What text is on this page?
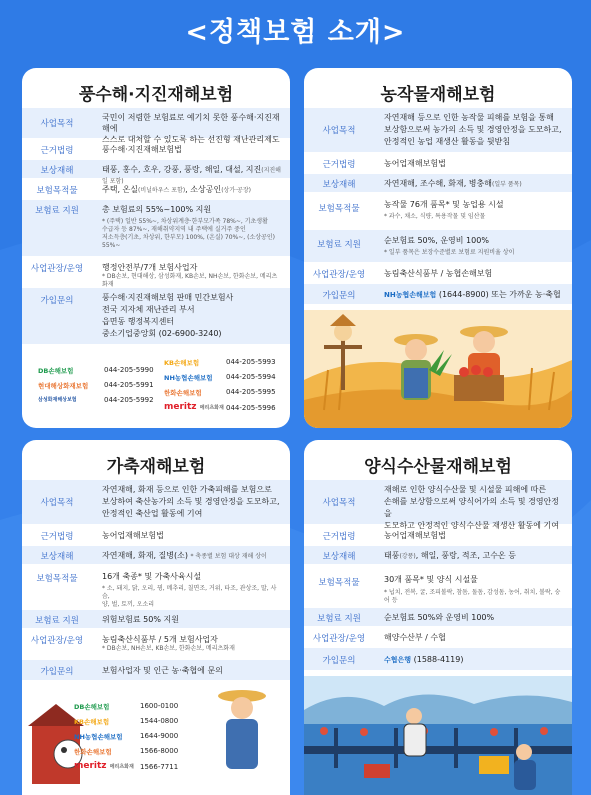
<정책보험 소개>
풍수해·지진재해보험
사업목적
국민이 저렴한 보험료로 예기치 못한 풍수해·지진재해에
스스로 대처할 수 있도록 하는 선진형 재난관리제도
근거법령	풍수해·지진재해보험법
보상재해	태풍, 홍수, 호우, 강풍, 풍랑, 해일, 대설, 지진(지진해일 포함)
보험목적물	주택, 온실(비닐하우스 포함), 소상공인(상가·공장)
보험료 지원	총 보험료의 55%~100% 지원
* (주택) 일반 55%~, 차상위계층·한부모가족 78%~, 기초생활
수급자 등 87%~, 재해취약지역 내 주택에 실거주 중인
저소득층(기초, 차상위, 한부모) 100%, (온실) 70%~, (소상공인) 55%~
사업관장/운영	행정안전부/7개 보험사업자
* DB손보, 현대해상, 삼성화재, KB손보, NH손보, 한화손보, 메리츠화재
가입문의	풍수해·지진재해보험 판매 민간보험사
전국 지자체 재난관리 부서
읍면동 행정복지센터
중소기업중앙회 (02-6900-3240)
DB손해보험	044-205-5990
현대해상화재보험 044-205-5991
삼성화재해상보험	044-205-5992
KB손해보험	044-205-5993
NH농협손해보험 044-205-5994
한화손해보험	044-205-5995
meritz 메리츠화재 044-205-5996
농작물재해보험
사업목적
자연재해 등으로 인한 농작물 피해를 보험을 통해
보상함으로써 농가의 소득 및 경영안정을 도모하고,
안정적인 농업 재생산 활동을 뒷받침
근거법령	농어업재해보험법
보상재해	자연재해, 조수해, 화재, 병충해(일부 품목)
보험목적물	농작물 76개 품목* 및 농업용 시설
* 과수, 채소, 식량, 특용작물 및 임산물
보험료 지원	순보험료 50%, 운영비 100%
* 일부 품목은 보장수준별로 보험료 지원비율 상이
사업관장/운영	농림축산식품부 / 농협손해보험
가입문의	NH농협손해보험 (1644-8900) 또는 가까운 농·축협
가축재해보험
사업목적
자연재해, 화재 등으로 인한 가축피해를 보험으로
보상하여 축산농가의 소득 및 경영안정을 도모하고,
안정적인 축산업 활동에 기여
근거법령	농어업재해보험법
보상재해	자연재해, 화재, 질병(소) * 축종별 보험 대상 재해 상이
보험목적물	16개 축종* 및 가축사육시설
* 소, 돼지, 닭, 오리, 꿩, 메추리, 칠면조, 거위, 타조, 관상조, 말, 사슴,
양, 벌, 토끼, 오소리
보험료 지원	위험보험료 50% 지원
사업관장/운영	농림축산식품부 / 5개 보험사업자
* DB손보, NH손보, KB손보, 한화손보, 메리츠화재
가입문의	보험사업자 및 인근 농·축협에 문의
DB손해보험	1600-0100
KB손해보험	1544-0800
NH농협손해보험 1644-9000
한화손해보험	1566-8000
meritz 메리츠화재 1566-7711
양식수산물재해보험
사업목적
재해로 인한 양식수산물 및 시설물 피해에 따른
손해를 보상함으로써 양식어가의 소득 및 경영안정을
도모하고 안정적인 양식수산물 재생산 활동에 기여
근거법령	농어업재해보험법
보상재해	태풍(강풍), 해일, 풍랑, 적조, 고수온 등
보험목적물	30개 품목* 및 양식 시설물
* 넙치, 전복, 굴, 조피볼락, 참돔, 돌돔, 감성돔, 농어, 취치, 볼락, 숭어 등
보험료 지원	순보험료 50%와 운영비 100%
사업관장/운영	해양수산부 / 수협
가입문의	수협은행 (1588-4119)
